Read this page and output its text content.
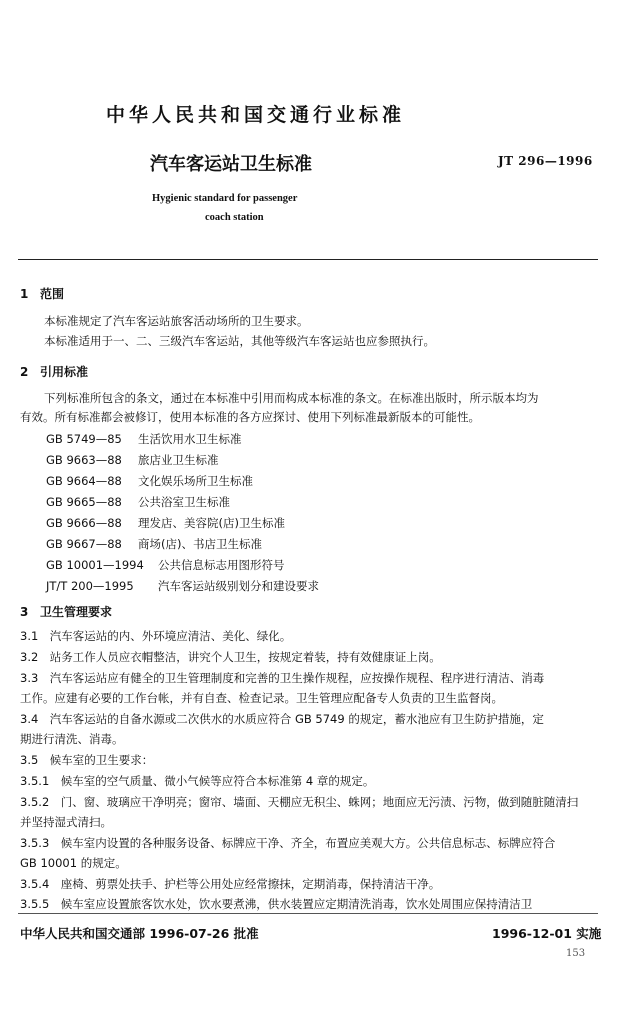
中华人民共和国交通行业标准
汽车客运站卫生标准	JT 296—1996
Hygienic standard for passenger
coach station
1 范围
本标准规定了汽车客运站旅客活动场所的卫生要求。
本标准适用于一、二、三级汽车客运站，其他等级汽车客运站也应参照执行。
2 引用标准
下列标准所包含的条文，通过在本标准中引用而构成本标准的条文。在标准出版时，所示版本均为
有效。所有标准都会被修订，使用本标准的各方应探讨、使用下列标准最新版本的可能性。
GB 5749—85 生活饮用水卫生标准
GB 9663—88 旅店业卫生标准
GB 9664—88 文化娱乐场所卫生标准
GB 9665—88 公共浴室卫生标准
GB 9666—88 理发店、美容院(店)卫生标准
GB 9667—88 商场(店)、书店卫生标准
GB 10001—1994 公共信息标志用图形符号
JT/T 200—1995 汽车客运站级别划分和建设要求
3 卫生管理要求
3.1　汽车客运站的内、外环境应清洁、美化、绿化。
3.2　站务工作人员应衣帽整洁，讲究个人卫生，按规定着装，持有效健康证上岗。
3.3　汽车客运站应有健全的卫生管理制度和完善的卫生操作规程，应按操作规程、程序进行清洁、消毒
工作。应建有必要的工作台帐，并有自查、检查记录。卫生管理应配备专人负责的卫生监督岗。
3.4　汽车客运站的自备水源或二次供水的水质应符合 GB 5749 的规定，蓄水池应有卫生防护措施，定
期进行清洗、消毒。
3.5　候车室的卫生要求：
3.5.1　候车室的空气质量、微小气候等应符合本标准第 4 章的规定。
3.5.2　门、窗、玻璃应干净明亮；窗帘、墙面、天棚应无积尘、蛛网；地面应无污渍、污物，做到随脏随清扫
并坚持湿式清扫。
3.5.3　候车室内设置的各种服务设备、标牌应干净、齐全，布置应美观大方。公共信息标志、标牌应符合
GB 10001 的规定。
3.5.4　座椅、剪票处扶手、护栏等公用处应经常擦抹，定期消毒，保持清洁干净。
3.5.5　候车室应设置旅客饮水处，饮水要煮沸，供水装置应定期清洗消毒，饮水处周围应保持清洁卫
中华人民共和国交通部 1996-07-26 批准	1996-12-01 实施
153
